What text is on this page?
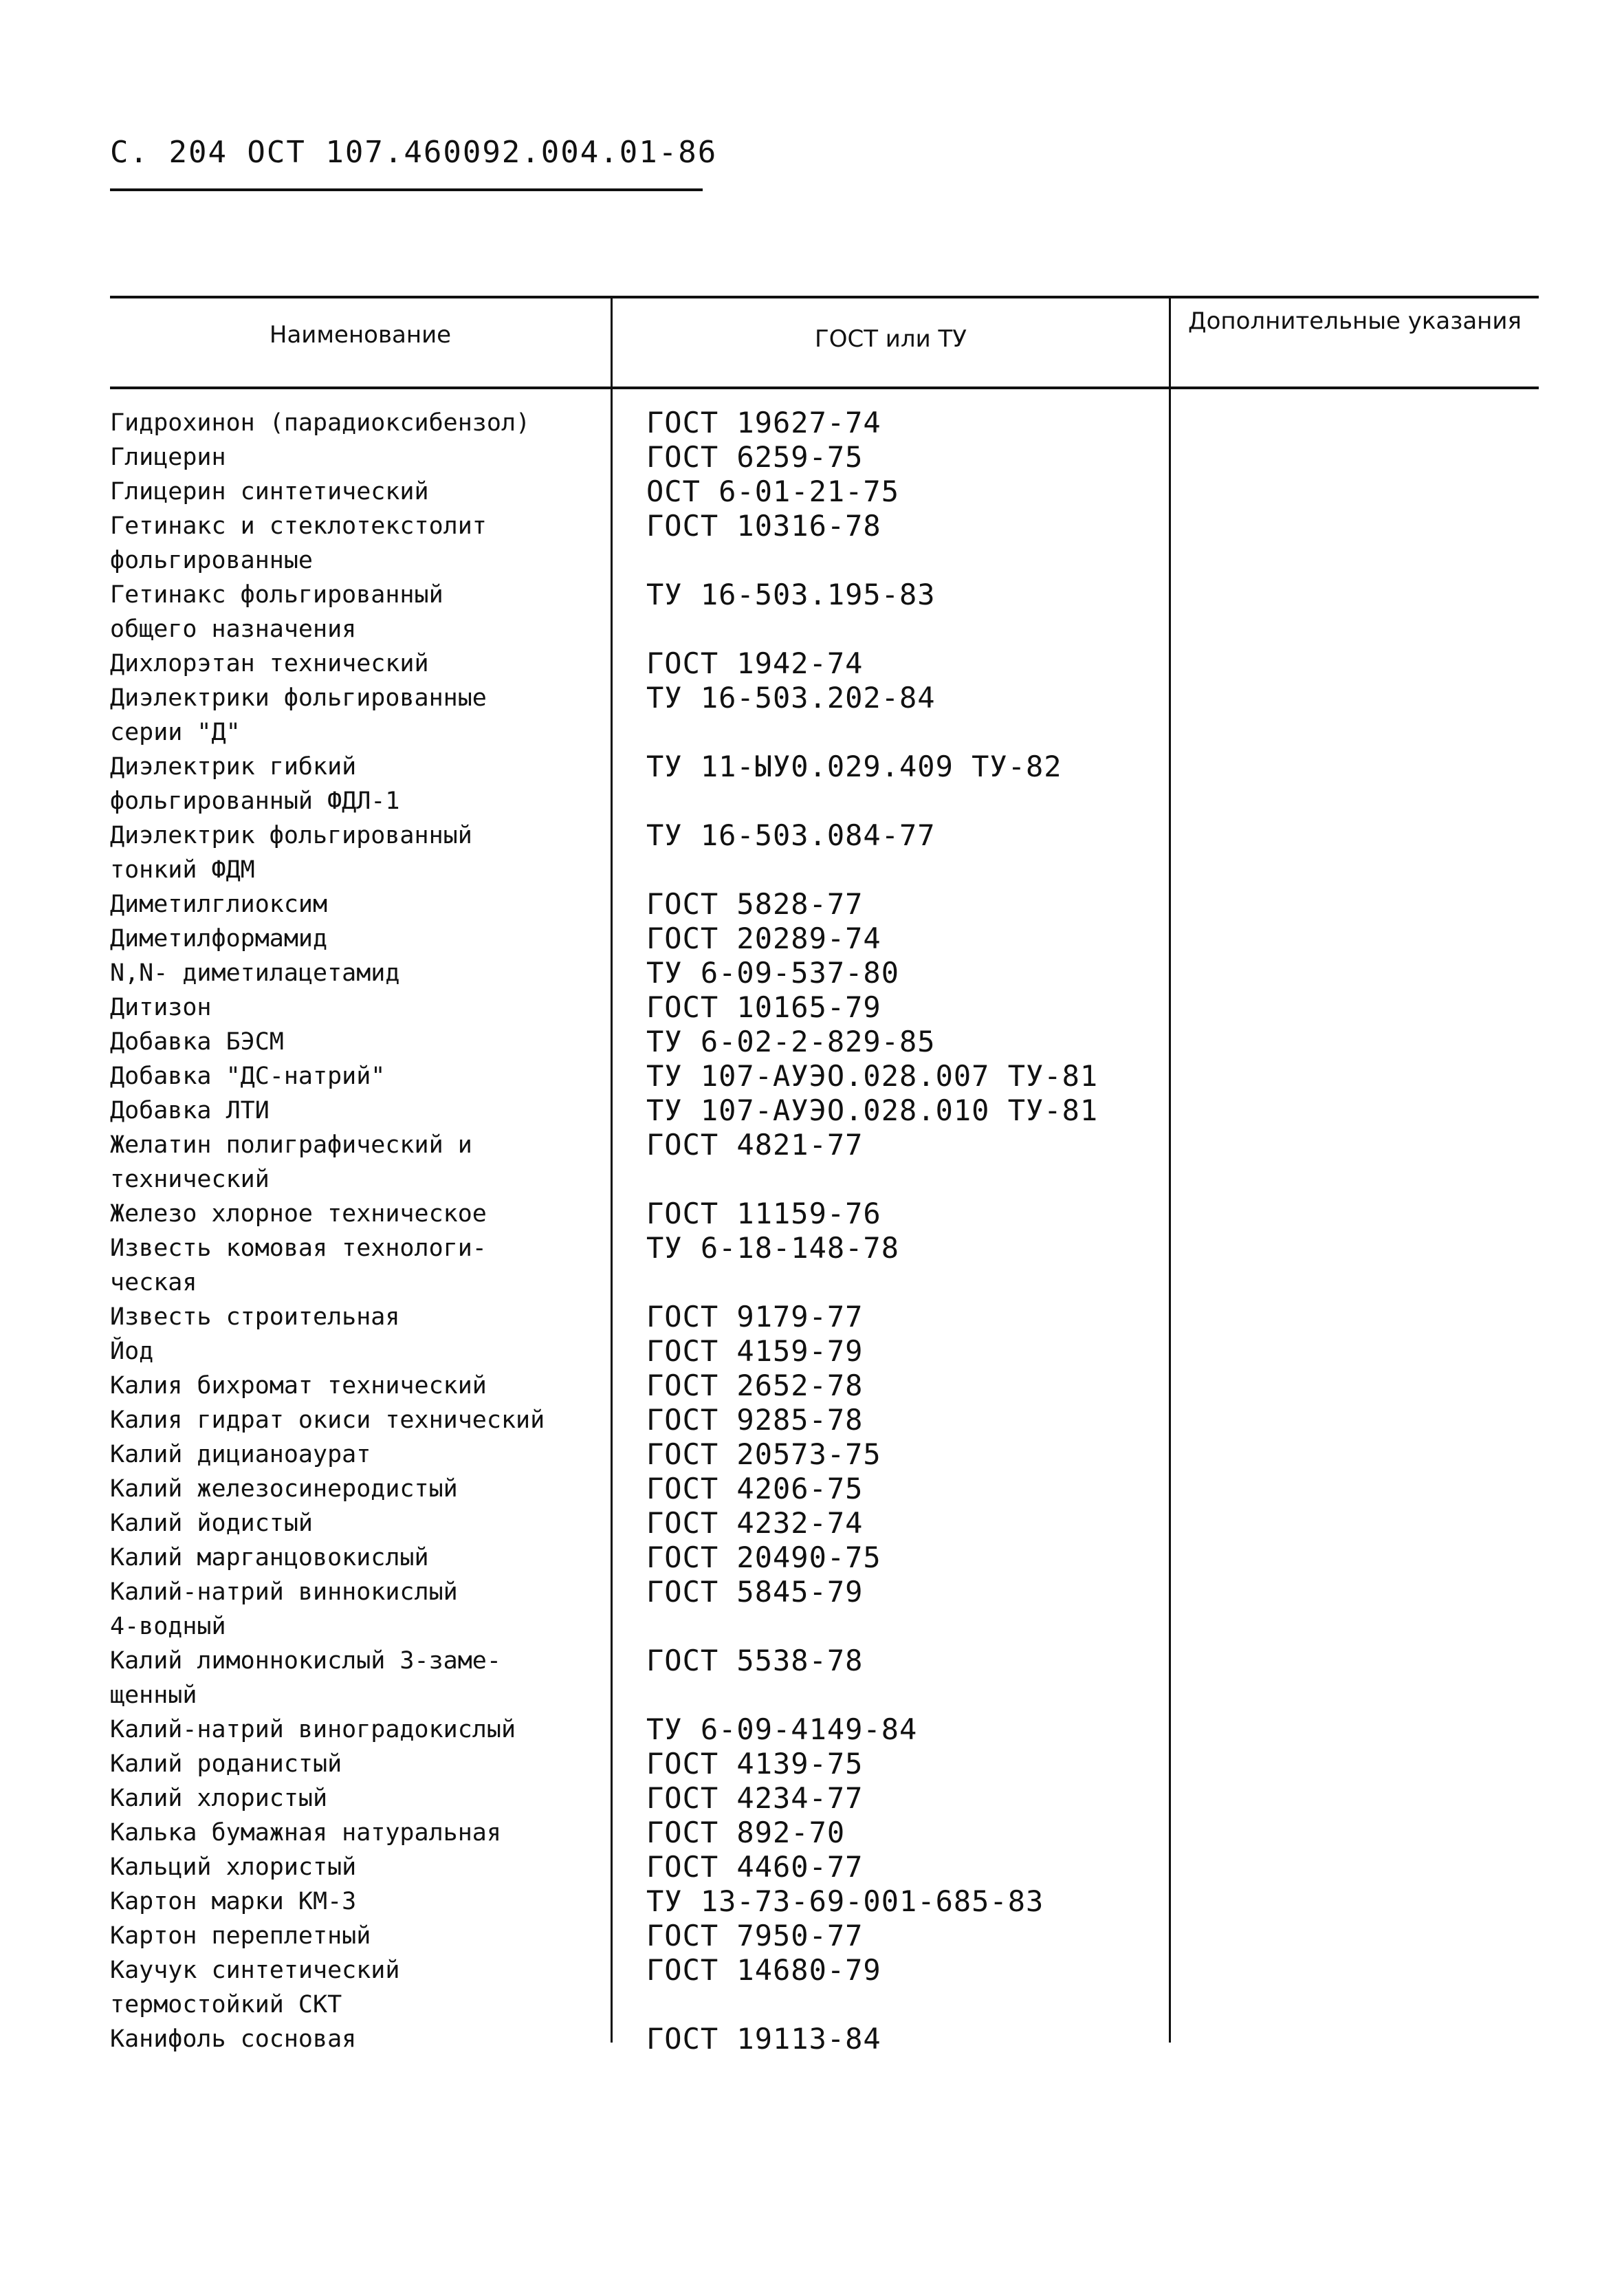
С. 204 ОСТ 107.460092.004.01-86
Наименование	ГОСТ или ТУ
Дополнительные указания
Гидрохинон (парадиоксибензол)	ГОСТ 19627-74
Глицерин	ГОСТ 6259-75
Глицерин синтетический	ОСТ 6-01-21-75
Гетинакс и стеклотекстолит	ГОСТ 10316-78
фольгированные
Гетинакс фольгированный	ТУ 16-503.195-83
общего назначения
Дихлорэтан технический	ГОСТ 1942-74
Диэлектрики фольгированные	ТУ 16-503.202-84
серии "Д"
Диэлектрик гибкий	ТУ 11-ЫУ0.029.409 ТУ-82
фольгированный ФДЛ-1
Диэлектрик фольгированный	ТУ 16-503.084-77
тонкий ФДМ
Диметилглиоксим	ГОСТ 5828-77
Диметилформамид	ГОСТ 20289-74
N,N- диметилацетамид	ТУ 6-09-537-80
Дитизон	ГОСТ 10165-79
Добавка БЭСМ	ТУ 6-02-2-829-85
Добавка "ДС-натрий"	ТУ 107-АУЭО.028.007 ТУ-81
Добавка ЛТИ	ТУ 107-АУЭО.028.010 ТУ-81
Желатин полиграфический и	ГОСТ 4821-77
технический
Железо хлорное техническое	ГОСТ 11159-76
Известь комовая технологи-	ТУ 6-18-148-78
ческая
Известь строительная	ГОСТ 9179-77
Йод	ГОСТ 4159-79
Калия бихромат технический	ГОСТ 2652-78
Калия гидрат окиси технический	ГОСТ 9285-78
Калий дицианоаурат	ГОСТ 20573-75
Калий железосинеродистый	ГОСТ 4206-75
Калий йодистый	ГОСТ 4232-74
Калий марганцовокислый	ГОСТ 20490-75
Калий-натрий виннокислый	ГОСТ 5845-79
4-водный
Калий лимоннокислый 3-заме-	ГОСТ 5538-78
щенный
Калий-натрий виноградокислый	ТУ 6-09-4149-84
Калий роданистый	ГОСТ 4139-75
Калий хлористый	ГОСТ 4234-77
Калька бумажная натуральная	ГОСТ 892-70
Кальций хлористый	ГОСТ 4460-77
Картон марки КМ-3	ТУ 13-73-69-001-685-83
Картон переплетный	ГОСТ 7950-77
Каучук синтетический	ГОСТ 14680-79
термостойкий СКТ
Канифоль сосновая	ГОСТ 19113-84
